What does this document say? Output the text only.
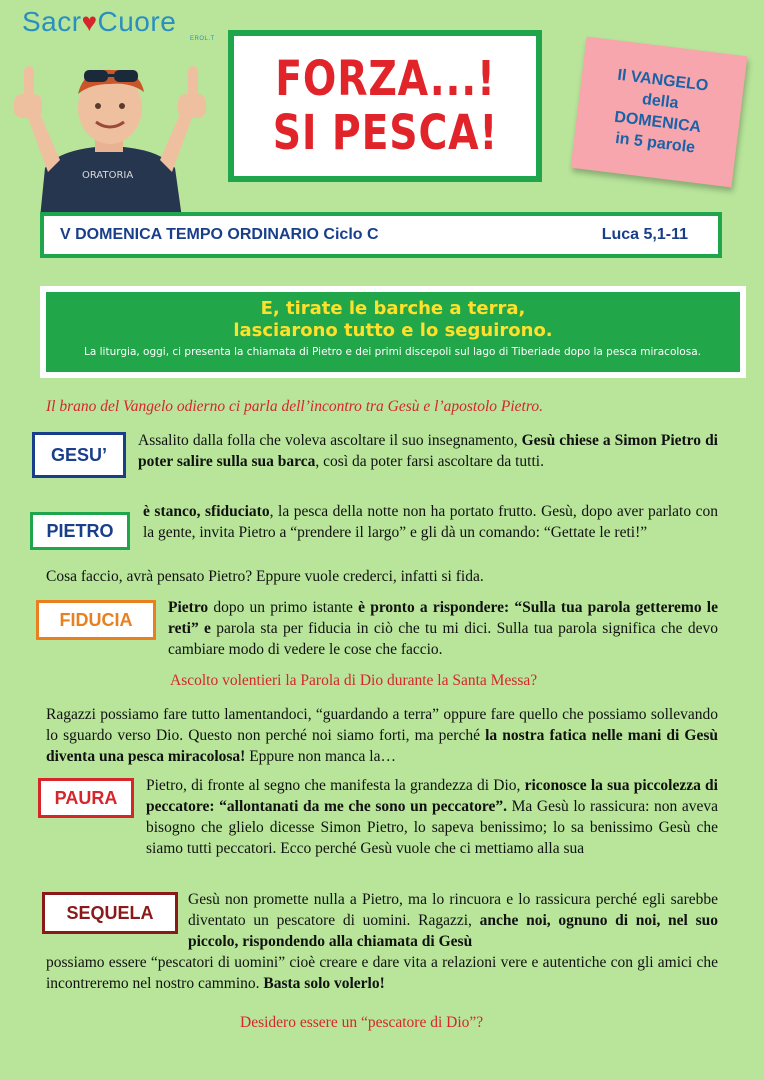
Sacr♥Cuore
EROL.T
ORATORIA
FORZA...!
SI PESCA!
Il VANGELO
della
DOMENICA
in 5 parole
V DOMENICA TEMPO ORDINARIO Ciclo C	Luca 5,1-11
E, tirate le barche a terra,
lasciarono tutto e lo seguirono.
La liturgia, oggi, ci presenta la chiamata di Pietro e dei primi discepoli sul lago di Tiberiade dopo la pesca miracolosa.
Il brano del Vangelo odierno ci parla dell’incontro tra Gesù e l’apostolo Pietro.
GESU’
Assalito dalla folla che voleva ascoltare il suo insegnamento, Gesù chiese a Simon Pietro di poter salire sulla sua barca, così da poter farsi ascoltare da tutti.
PIETRO
è stanco, sfiduciato, la pesca della notte non ha portato frutto. Gesù, dopo aver parlato con la gente, invita Pietro a “prendere il largo” e gli dà un comando: “Gettate le reti!”
Cosa faccio, avrà pensato Pietro? Eppure vuole crederci, infatti si fida.
FIDUCIA
Pietro dopo un primo istante è pronto a rispondere: “Sulla tua parola getteremo le reti” e parola sta per fiducia in ciò che tu mi dici. Sulla tua parola significa che devo cambiare modo di vedere le cose che faccio.
Ascolto volentieri la Parola di Dio durante la Santa Messa?
Ragazzi possiamo fare tutto lamentandoci, “guardando a terra” oppure fare quello che possiamo sollevando lo sguardo verso Dio. Questo non perché noi siamo forti, ma perché la nostra fatica nelle mani di Gesù diventa una pesca miracolosa! Eppure non manca la…
PAURA
Pietro, di fronte al segno che manifesta la grandezza di Dio, riconosce la sua piccolezza di peccatore: “allontanati da me che sono un peccatore”. Ma Gesù lo rassicura: non aveva bisogno che glielo dicesse Simon Pietro, lo sapeva benissimo; lo sa benissimo Gesù che siamo tutti peccatori. Ecco perché Gesù vuole che ci mettiamo alla sua
SEQUELA
Gesù non promette nulla a Pietro, ma lo rincuora e lo rassicura perché egli sarebbe diventato un pescatore di uomini. Ragazzi, anche noi, ognuno di noi, nel suo piccolo, rispondendo alla chiamata di Gesù
possiamo essere “pescatori di uomini” cioè creare e dare vita a relazioni vere e autentiche con gli amici che incontreremo nel nostro cammino. Basta solo volerlo!
Desidero essere un “pescatore di Dio”?
